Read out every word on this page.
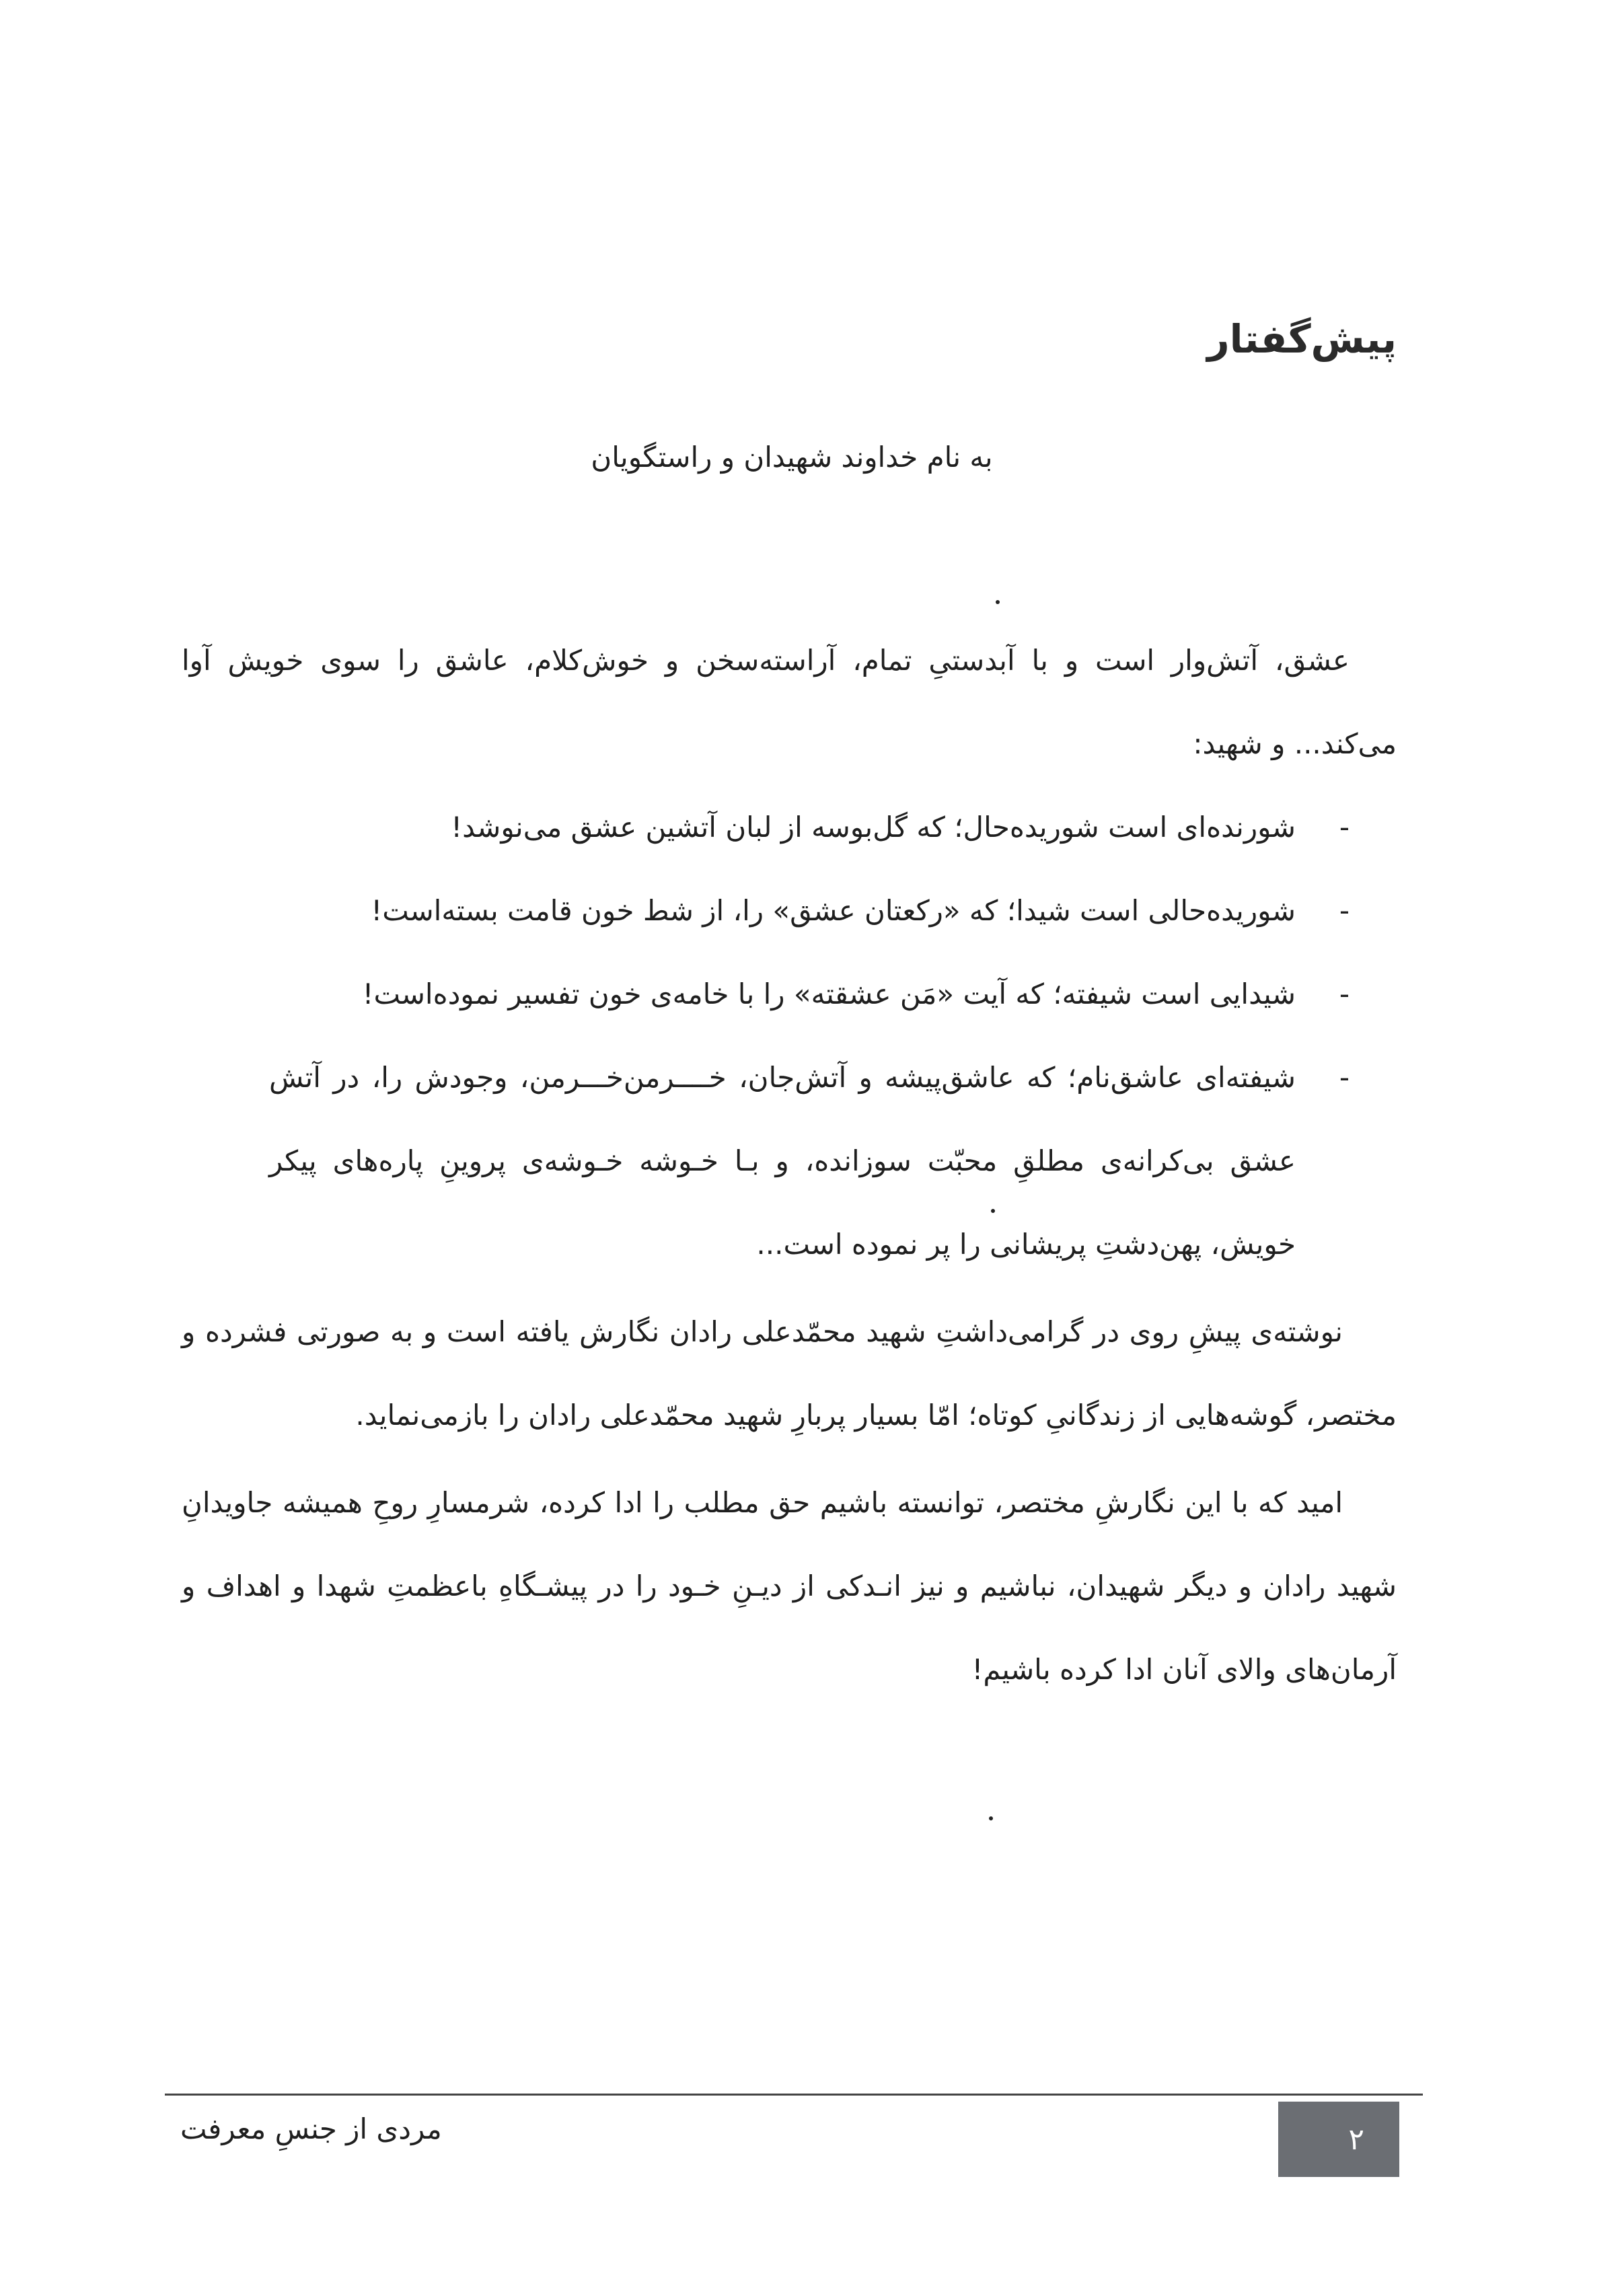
پیش‌گفتار

به نام خداوند شهیدان و راستگویان

عشق، آتش‌وار است و با آبدستیِ تمام، آراسته‌سخن و خوش‌کلام، عاشق را سوی خویش آوا می‌کند... و شهید:

-
شورنده‌ای است شوریده‌حال؛ که گل‌بوسه از لبان آتشین عشق می‌نوشد!
-
شوریده‌حالی است شیدا؛ که «رکعتان عشق» را، از شط خون قامت بسته‌است!
-
شیدایی است شیفته؛ که آیت «مَن عشقته» را با خامه‌ی خون تفسیر نموده‌است!
-
شیفته‌ای عاشق‌نام؛ که عاشق‌پیشه و آتش‌جان، خــــرمن‌خـــرمن، وجودش را، در آتش عشق بی‌کرانه‌ی مطلقِ محبّت سوزانده، و بـا خـوشه خـوشه‌ی پروینِ پاره‌های پیکر خویش، پهن‌دشتِ پریشانی را پر نموده است...

نوشته‌ی پیشِ روی در گرامی‌داشتِ شهید محمّدعلی رادان نگارش یافته است و به صورتی فشرده و مختصر، گوشه‌هایی از زندگانیِ کوتاه؛ امّا بسیار پربارِ شهید محمّدعلی رادان را بازمی‌نماید.

امید که با این نگارشِ مختصر، توانسته باشیم حق مطلب را ادا کرده، شرمسارِ روحِ همیشه جاویدانِ شهید رادان و دیگر شهیدان، نباشیم و نیز انـدکی از دیـنِ خـود را در پیشـگاهِ باعظمتِ شهدا و اهداف و آرمان‌های والای آنان ادا کرده باشیم!

۲
مردی از جنسِ معرفت
